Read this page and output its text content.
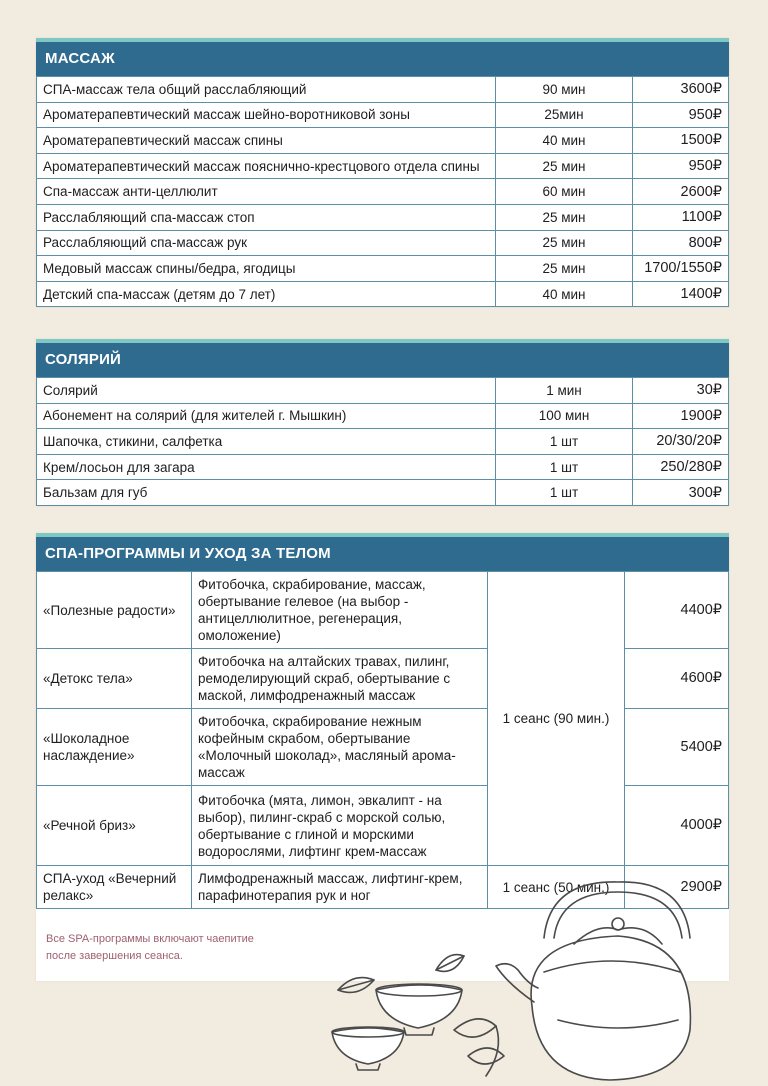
МАССАЖ
СПА-массаж тела общий расслабляющий	90 мин	3600₽
Ароматерапевтический массаж шейно-воротниковой зоны	25мин	950₽
Ароматерапевтический массаж спины	40 мин	1500₽
Ароматерапевтический массаж пояснично-крестцового отдела спины	25 мин	950₽
Спа-массаж анти-целлюлит	60 мин	2600₽
Расслабляющий спа-массаж стоп	25 мин	1100₽
Расслабляющий спа-массаж рук	25 мин	800₽
Медовый массаж спины/бедра, ягодицы	25 мин	1700/1550₽
Детский спа-массаж (детям до 7 лет)	40 мин	1400₽
СОЛЯРИЙ
Солярий	1 мин	30₽
Абонемент на солярий (для жителей г. Мышкин)	100 мин	1900₽
Шапочка, стикини, салфетка	1 шт	20/30/20₽
Крем/лосьон для загара	1 шт	250/280₽
Бальзам для губ	1 шт	300₽
СПА-ПРОГРАММЫ И УХОД ЗА ТЕЛОМ
«Полезные радости»	Фитобочка, скрабирование, массаж, обертывание гелевое (на выбор - антицеллюлитное, регенерация, омоложение)	1 сеанс (90 мин.)	4400₽
«Детокс тела»	Фитобочка на алтайских травах, пилинг, ремоделирующий скраб, обертывание с маской, лимфодренажный массаж		4600₽
«Шоколадное наслаждение»	Фитобочка, скрабирование нежным кофейным скрабом, обертывание «Молочный шоколад», масляный арома-массаж		5400₽
«Речной бриз»	Фитобочка (мята, лимон, эвкалипт - на выбор), пилинг-скраб с морской солью, обертывание с глиной и морскими водорослями, лифтинг крем-массаж		4000₽
СПА-уход «Вечерний релакс»	Лимфодренажный массаж, лифтинг-крем, парафинотерапия рук и ног	1 сеанс (50 мин.)	2900₽
Все SPA-программы включают чаепитие
после завершения сеанса.
